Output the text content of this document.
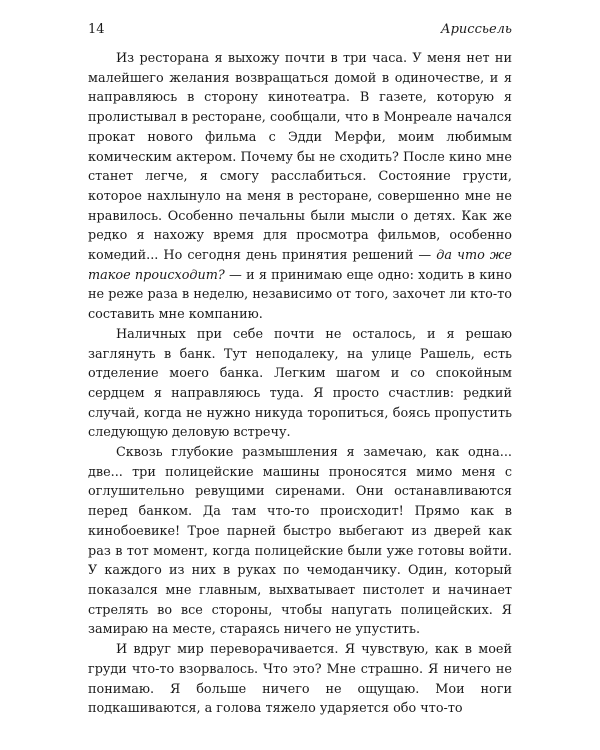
14	Ариссьель

Из ресторана я выхожу почти в три часа. У меня нет ни малейшего желания возвращаться домой в одиночестве, и я направляюсь в сторону кинотеатра. В газете, которую я пролистывал в ресторане, сообщали, что в Монреале начался прокат нового фильма с Эдди Мерфи, моим любимым комическим актером. Почему бы не сходить? После кино мне станет легче, я смогу расслабиться. Состояние грусти, которое нахлынуло на меня в ресторане, совершенно мне не нравилось. Особенно печальны были мысли о детях. Как же редко я нахожу время для просмотра фильмов, особенно комедий... Но сегодня день принятия решений — да что же такое происходит? — и я принимаю еще одно: ходить в кино не реже раза в неделю, независимо от того, захочет ли кто-то составить мне компанию.

Наличных при себе почти не осталось, и я решаю заглянуть в банк. Тут неподалеку, на улице Рашель, есть отделение моего банка. Легким шагом и со спокойным сердцем я направляюсь туда. Я просто счастлив: редкий случай, когда не нужно никуда торопиться, боясь пропустить следующую деловую встречу.

Сквозь глубокие размышления я замечаю, как одна... две... три полицейские машины проносятся мимо меня с оглушительно ревущими сиренами. Они останавливаются перед банком. Да там что-то происходит! Прямо как в кинобоевике! Трое парней быстро выбегают из дверей как раз в тот момент, когда полицейские были уже готовы войти. У каждого из них в руках по чемоданчику. Один, который показался мне главным, выхватывает пистолет и начинает стрелять во все стороны, чтобы напугать полицейских. Я замираю на месте, стараясь ничего не упустить.

И вдруг мир переворачивается. Я чувствую, как в моей груди что-то взорвалось. Что это? Мне страшно. Я ничего не понимаю. Я больше ничего не ощущаю. Мои ноги подкашиваются, а голова тяжело ударяется обо что-то
